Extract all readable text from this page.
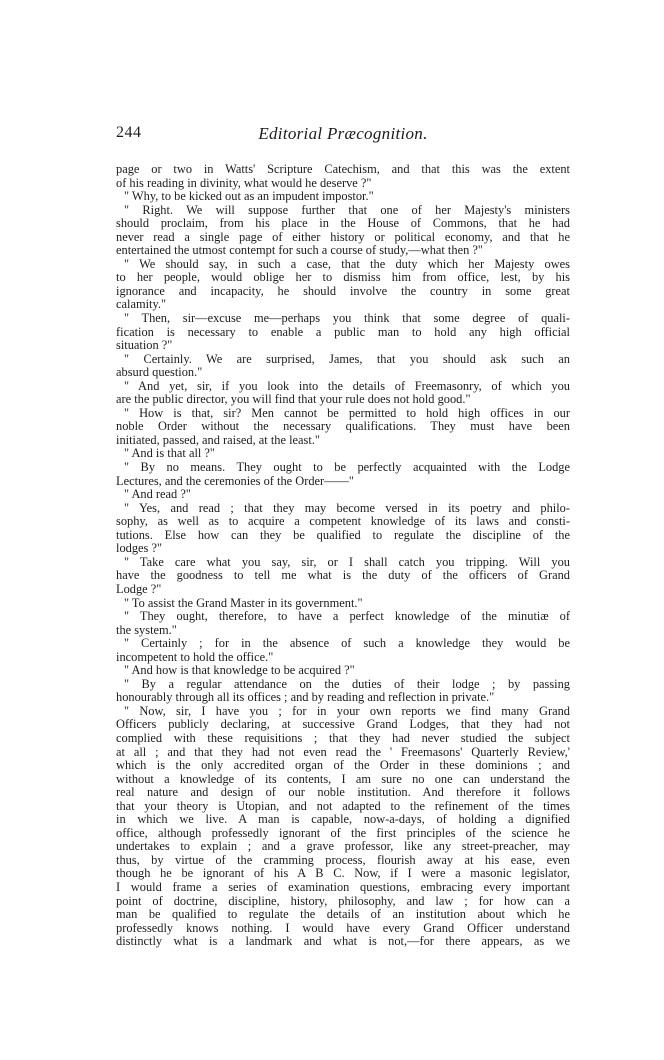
244	Editorial Præcognition.
page or two in Watts' Scripture Catechism, and that this was the extent
of his reading in divinity, what would he deserve ?"
" Why, to be kicked out as an impudent impostor."
" Right. We will suppose further that one of her Majesty's ministers
should proclaim, from his place in the House of Commons, that he had
never read a single page of either history or political economy, and that he
entertained the utmost contempt for such a course of study,—what then ?"
" We should say, in such a case, that the duty which her Majesty owes
to her people, would oblige her to dismiss him from office, lest, by his
ignorance and incapacity, he should involve the country in some great
calamity."
" Then, sir—excuse me—perhaps you think that some degree of quali-
fication is necessary to enable a public man to hold any high official
situation ?"
" Certainly. We are surprised, James, that you should ask such an
absurd question."
" And yet, sir, if you look into the details of Freemasonry, of which you
are the public director, you will find that your rule does not hold good."
" How is that, sir? Men cannot be permitted to hold high offices in our
noble Order without the necessary qualifications. They must have been
initiated, passed, and raised, at the least."
" And is that all ?"
" By no means. They ought to be perfectly acquainted with the Lodge
Lectures, and the ceremonies of the Order——"
" And read ?"
" Yes, and read ; that they may become versed in its poetry and philo-
sophy, as well as to acquire a competent knowledge of its laws and consti-
tutions. Else how can they be qualified to regulate the discipline of the
lodges ?"
" Take care what you say, sir, or I shall catch you tripping. Will you
have the goodness to tell me what is the duty of the officers of Grand
Lodge ?"
" To assist the Grand Master in its government."
" They ought, therefore, to have a perfect knowledge of the minutiæ of
the system."
" Certainly ; for in the absence of such a knowledge they would be
incompetent to hold the office."
" And how is that knowledge to be acquired ?"
" By a regular attendance on the duties of their lodge ; by passing
honourably through all its offices ; and by reading and reflection in private."
" Now, sir, I have you ; for in your own reports we find many Grand
Officers publicly declaring, at successive Grand Lodges, that they had not
complied with these requisitions ; that they had never studied the subject
at all ; and that they had not even read the ' Freemasons' Quarterly Review,'
which is the only accredited organ of the Order in these dominions ; and
without a knowledge of its contents, I am sure no one can understand the
real nature and design of our noble institution. And therefore it follows
that your theory is Utopian, and not adapted to the refinement of the times
in which we live. A man is capable, now-a-days, of holding a dignified
office, although professedly ignorant of the first principles of the science he
undertakes to explain ; and a grave professor, like any street-preacher, may
thus, by virtue of the cramming process, flourish away at his ease, even
though he be ignorant of his A B C. Now, if I were a masonic legislator,
I would frame a series of examination questions, embracing every important
point of doctrine, discipline, history, philosophy, and law ; for how can a
man be qualified to regulate the details of an institution about which he
professedly knows nothing. I would have every Grand Officer understand
distinctly what is a landmark and what is not,—for there appears, as we
